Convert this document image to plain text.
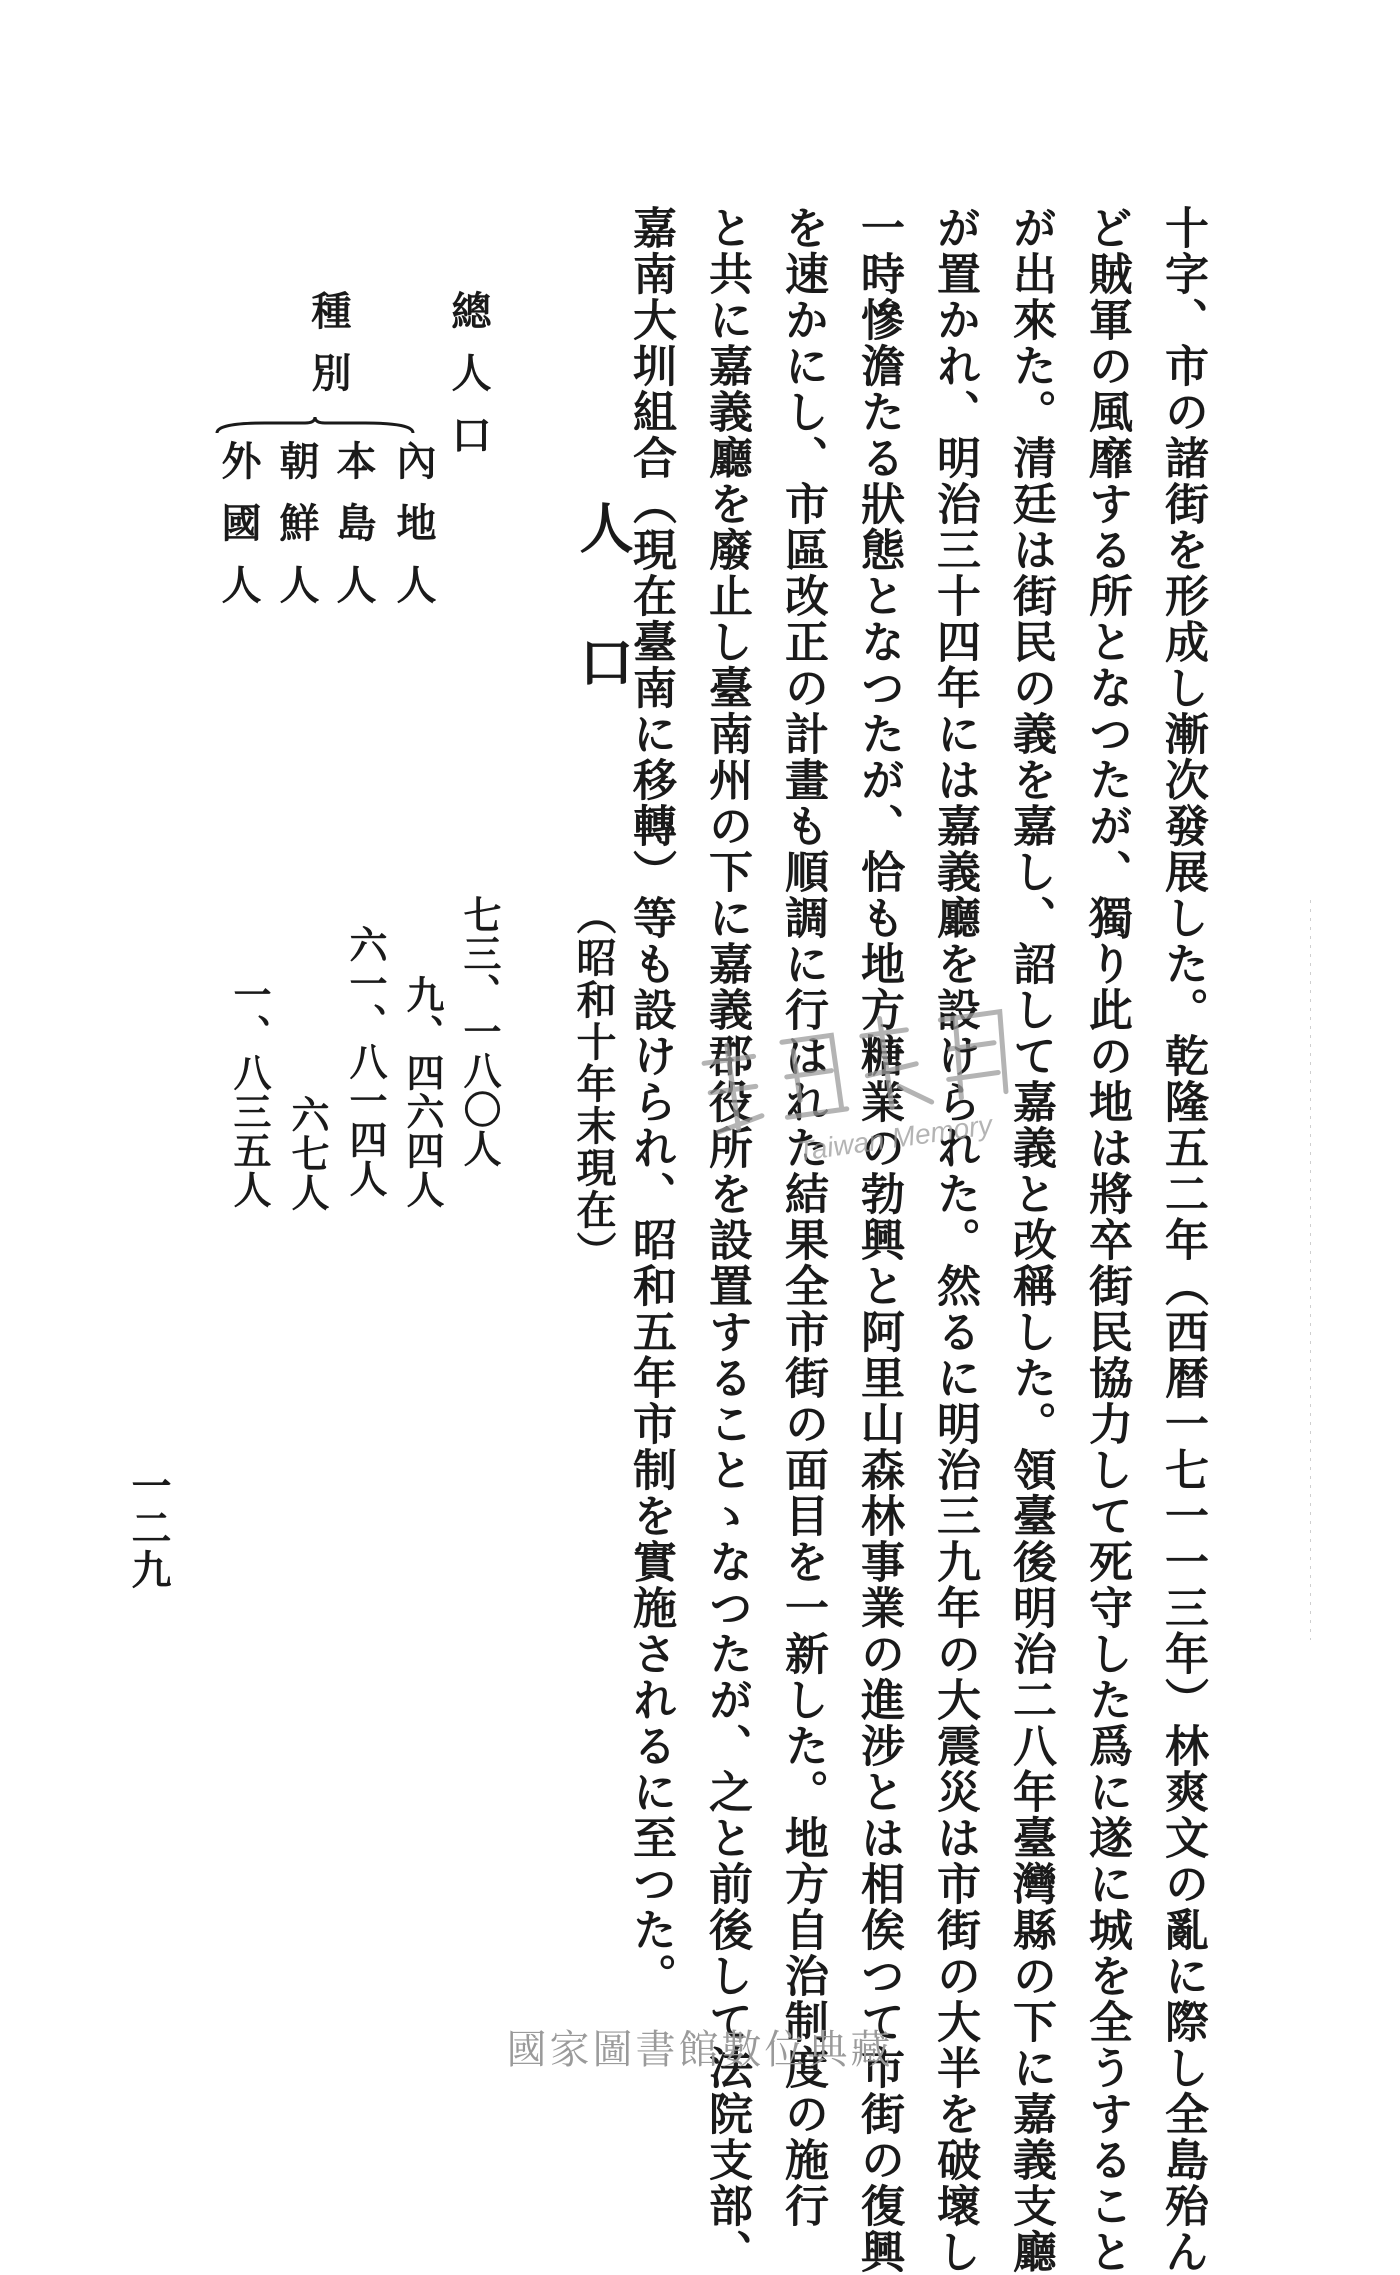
十字、市の諸街を形成し漸次發展した。乾隆五二年（西暦一七一一三年）林爽文の亂に際し全島殆ん

ど賊軍の風靡する所となつたが、獨り此の地は將卒街民協力して死守した爲に遂に城を全うすること

が出來た。清廷は街民の義を嘉し、詔して嘉義と改稱した。領臺後明治二八年臺灣縣の下に嘉義支廳

が置かれ、明治三十四年には嘉義廳を設けられた。然るに明治三九年の大震災は市街の大半を破壞し

一時慘澹たる狀態となつたが、恰も地方糖業の勃興と阿里山森林事業の進涉とは相俟つて市街の復興

を速かにし、市區改正の計畫も順調に行はれた結果全市街の面目を一新した。地方自治制度の施行

と共に嘉義廳を廢止し臺南州の下に嘉義郡役所を設置することゝなつたが、之と前後して法院支部、

嘉南大圳組合（現在臺南に移轉）等も設けられ、昭和五年市制を實施されるに至つた。

人口
（昭和十年末現在）
總人口
七三、一八〇人
種別
內地人
本島人
朝鮮人
外國人
九、四六四人
六一、八一四人
六七人
一、八三五人
一二九
Taiwan Memory
國家圖書館數位典藏
